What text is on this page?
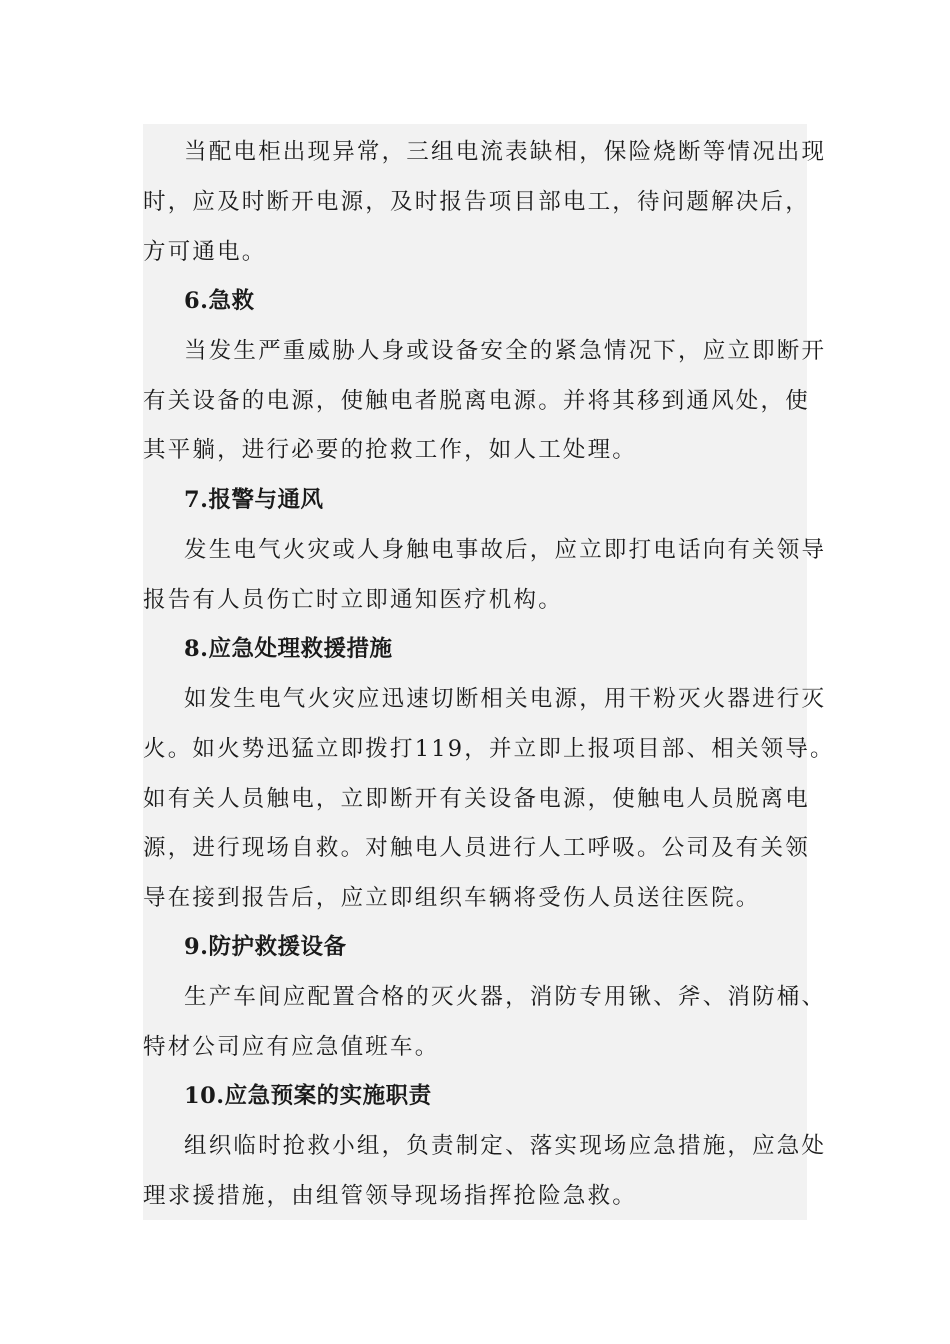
当配电柜出现异常，三组电流表缺相，保险烧断等情况出现
时，应及时断开电源，及时报告项目部电工，待问题解决后，
方可通电。
6.急救
当发生严重威胁人身或设备安全的紧急情况下，应立即断开
有关设备的电源，使触电者脱离电源。并将其移到通风处，使
其平躺，进行必要的抢救工作，如人工处理。
7.报警与通风
发生电气火灾或人身触电事故后，应立即打电话向有关领导
报告有人员伤亡时立即通知医疗机构。
8.应急处理救援措施
如发生电气火灾应迅速切断相关电源，用干粉灭火器进行灭
火。如火势迅猛立即拨打119，并立即上报项目部、相关领导。
如有关人员触电，立即断开有关设备电源，使触电人员脱离电
源，进行现场自救。对触电人员进行人工呼吸。公司及有关领
导在接到报告后，应立即组织车辆将受伤人员送往医院。
9.防护救援设备
生产车间应配置合格的灭火器，消防专用锹、斧、消防桶、
特材公司应有应急值班车。
10.应急预案的实施职责
组织临时抢救小组，负责制定、落实现场应急措施，应急处
理求援措施，由组管领导现场指挥抢险急救。
